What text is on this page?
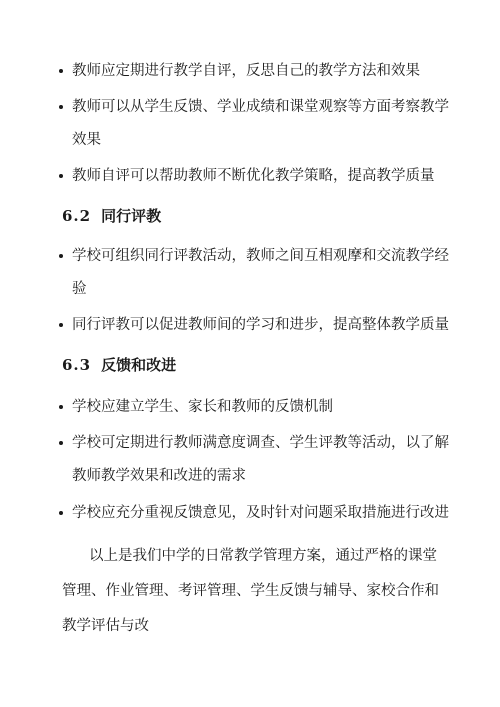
教师应定期进行教学自评，反思自己的教学方法和效果
教师可以从学生反馈、学业成绩和课堂观察等方面考察教学效果
教师自评可以帮助教师不断优化教学策略，提高教学质量
6.2 同行评教
学校可组织同行评教活动，教师之间互相观摩和交流教学经验
同行评教可以促进教师间的学习和进步，提高整体教学质量
6.3 反馈和改进
学校应建立学生、家长和教师的反馈机制
学校可定期进行教师满意度调查、学生评教等活动，以了解教师教学效果和改进的需求
学校应充分重视反馈意见，及时针对问题采取措施进行改进
以上是我们中学的日常教学管理方案，通过严格的课堂管理、作业管理、考评管理、学生反馈与辅导、家校合作和教学评估与改
